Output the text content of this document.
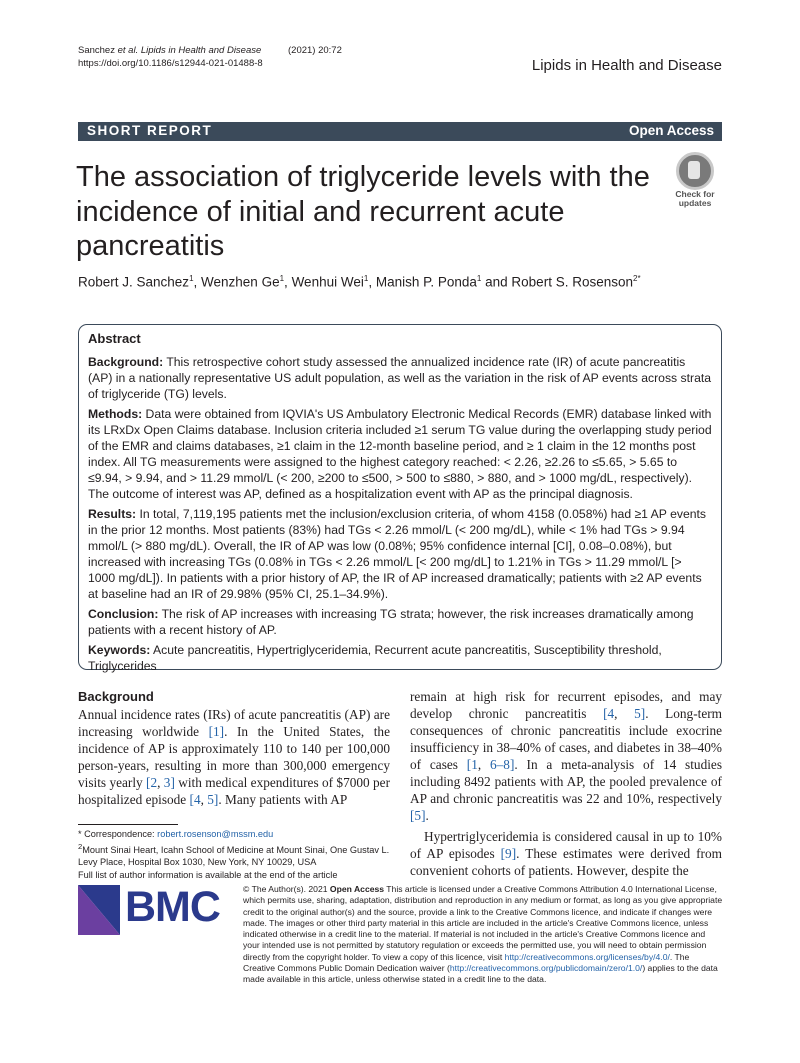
Sanchez et al. Lipids in Health and Disease	(2021) 20:72
https://doi.org/10.1186/s12944-021-01488-8	Lipids in Health and Disease
SHORT REPORT	Open Access
The association of triglyceride levels with the incidence of initial and recurrent acute pancreatitis
Check for updates
Robert J. Sanchez$^1$, Wenzhen Ge$^1$, Wenhui Wei$^1$, Manish P. Ponda$^1$ and Robert S. Rosenson$^{2*}$
Abstract

Background: This retrospective cohort study assessed the annualized incidence rate (IR) of acute pancreatitis (AP) in a nationally representative US adult population, as well as the variation in the risk of AP events across strata of triglyceride (TG) levels.

Methods: Data were obtained from IQVIA's US Ambulatory Electronic Medical Records (EMR) database linked with its LRxDx Open Claims database. Inclusion criteria included ≥1 serum TG value during the overlapping study period of the EMR and claims databases, ≥1 claim in the 12-month baseline period, and ≥ 1 claim in the 12 months post index. All TG measurements were assigned to the highest category reached: < 2.26, ≥2.26 to ≤5.65, > 5.65 to ≤9.94, > 9.94, and > 11.29 mmol/L (< 200, ≥200 to ≤500, > 500 to ≤880, > 880, and > 1000 mg/dL, respectively). The outcome of interest was AP, defined as a hospitalization event with AP as the principal diagnosis.

Results: In total, 7,119,195 patients met the inclusion/exclusion criteria, of whom 4158 (0.058%) had ≥1 AP events in the prior 12 months. Most patients (83%) had TGs < 2.26 mmol/L (< 200 mg/dL), while < 1% had TGs > 9.94 mmol/L (> 880 mg/dL). Overall, the IR of AP was low (0.08%; 95% confidence internal [CI], 0.08–0.08%), but increased with increasing TGs (0.08% in TGs < 2.26 mmol/L [< 200 mg/dL] to 1.21% in TGs > 11.29 mmol/L [> 1000 mg/dL]). In patients with a prior history of AP, the IR of AP increased dramatically; patients with ≥2 AP events at baseline had an IR of 29.98% (95% CI, 25.1–34.9%).

Conclusion: The risk of AP increases with increasing TG strata; however, the risk increases dramatically among patients with a recent history of AP.

Keywords: Acute pancreatitis, Hypertriglyceridemia, Recurrent acute pancreatitis, Susceptibility threshold, Triglycerides

Background

Annual incidence rates (IRs) of acute pancreatitis (AP) are increasing worldwide [1]. In the United States, the incidence of AP is approximately 110 to 140 per 100,000 person-years, resulting in more than 300,000 emergency visits yearly [2, 3] with medical expenditures of $7000 per hospitalized episode [4, 5]. Many patients with AP

remain at high risk for recurrent episodes, and may develop chronic pancreatitis [4, 5]. Long-term consequences of chronic pancreatitis include exocrine insufficiency in 38–40% of cases, and diabetes in 38–40% of cases [1, 6–8]. In a meta-analysis of 14 studies including 8492 patients with AP, the pooled prevalence of AP and chronic pancreatitis was 22 and 10%, respectively [5].

Hypertriglyceridemia is considered causal in up to 10% of AP episodes [9]. These estimates were derived from convenient cohorts of patients. However, despite the

* Correspondence: robert.rosenson@mssm.edu
$^2$Mount Sinai Heart, Icahn School of Medicine at Mount Sinai, One Gustav L. Levy Place, Hospital Box 1030, New York, NY 10029, USA
Full list of author information is available at the end of the article
BMC	© The Author(s). 2021 Open Access This article is licensed under a Creative Commons Attribution 4.0 International License, which permits use, sharing, adaptation, distribution and reproduction in any medium or format, as long as you give appropriate credit to the original author(s) and the source, provide a link to the Creative Commons licence, and indicate if changes were made. The images or other third party material in this article are included in the article's Creative Commons licence, unless indicated otherwise in a credit line to the material. If material is not included in the article's Creative Commons licence and your intended use is not permitted by statutory regulation or exceeds the permitted use, you will need to obtain permission directly from the copyright holder. To view a copy of this licence, visit http://creativecommons.org/licenses/by/4.0/. The Creative Commons Public Domain Dedication waiver (http://creativecommons.org/publicdomain/zero/1.0/) applies to the data made available in this article, unless otherwise stated in a credit line to the data.
